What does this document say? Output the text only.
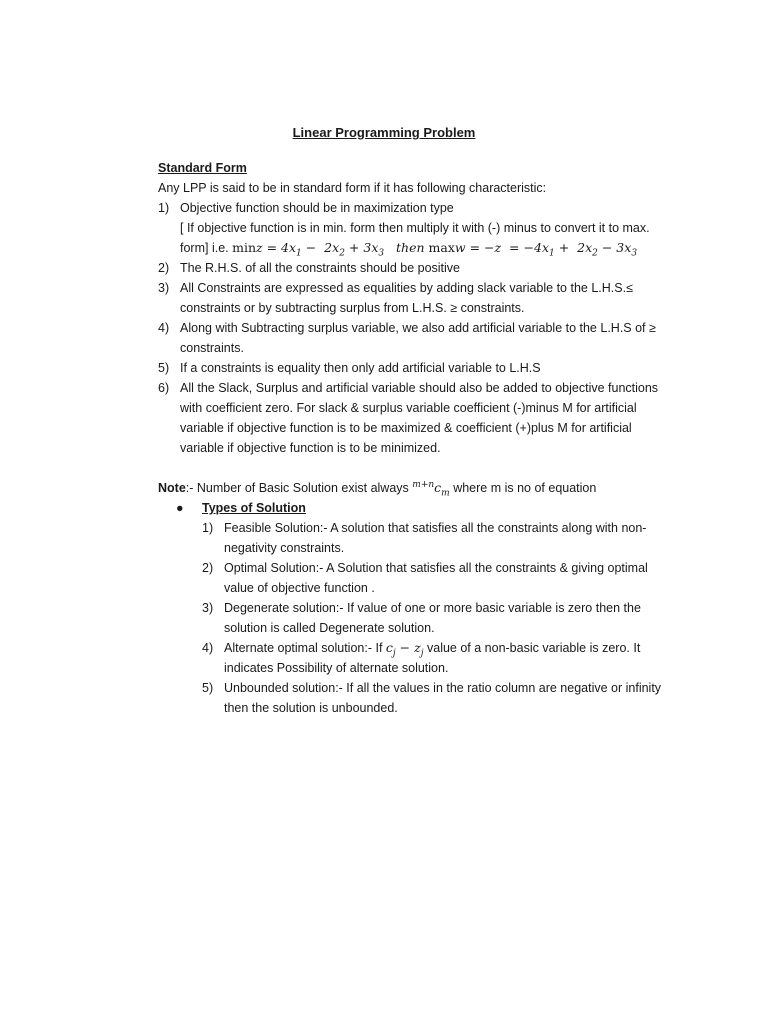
Linear Programming Problem
Standard Form
Any LPP is said to be in standard form if it has following characteristic:
1) Objective function should be in maximization type
[ If objective function is in min. form then multiply it with (-) minus to convert it to max.
form] i.e. $\min z = 4x_1 - 2x_2 + 3x_3$ then $\max w = -z = -4x_1 + 2x_2 - 3x_3$
2) The R.H.S. of all the constraints should be positive
3) All Constraints are expressed as equalities by adding slack variable to the L.H.S.≤ constraints or by subtracting surplus from L.H.S. ≥ constraints.
4) Along with Subtracting surplus variable, we also add artificial variable to the L.H.S of ≥ constraints.
5) If a constraints is equality then only add artificial variable to L.H.S
6) All the Slack, Surplus and artificial variable should also be added to objective functions with coefficient zero. For slack & surplus variable coefficient (-)minus M for artificial variable if objective function is to be maximized & coefficient (+)plus M for artificial variable if objective function is to be minimized.
Note:- Number of Basic Solution exist always $^{m+n}c_m$ where m is no of equation
● Types of Solution
1) Feasible Solution:- A solution that satisfies all the constraints along with non-negativity constraints.
2) Optimal Solution:- A Solution that satisfies all the constraints & giving optimal value of objective function .
3) Degenerate solution:- If value of one or more basic variable is zero then the solution is called Degenerate solution.
4) Alternate optimal solution:- If $c_j - z_j$ value of a non-basic variable is zero. It indicates Possibility of alternate solution.
5) Unbounded solution:- If all the values in the ratio column are negative or infinity then the solution is unbounded.
